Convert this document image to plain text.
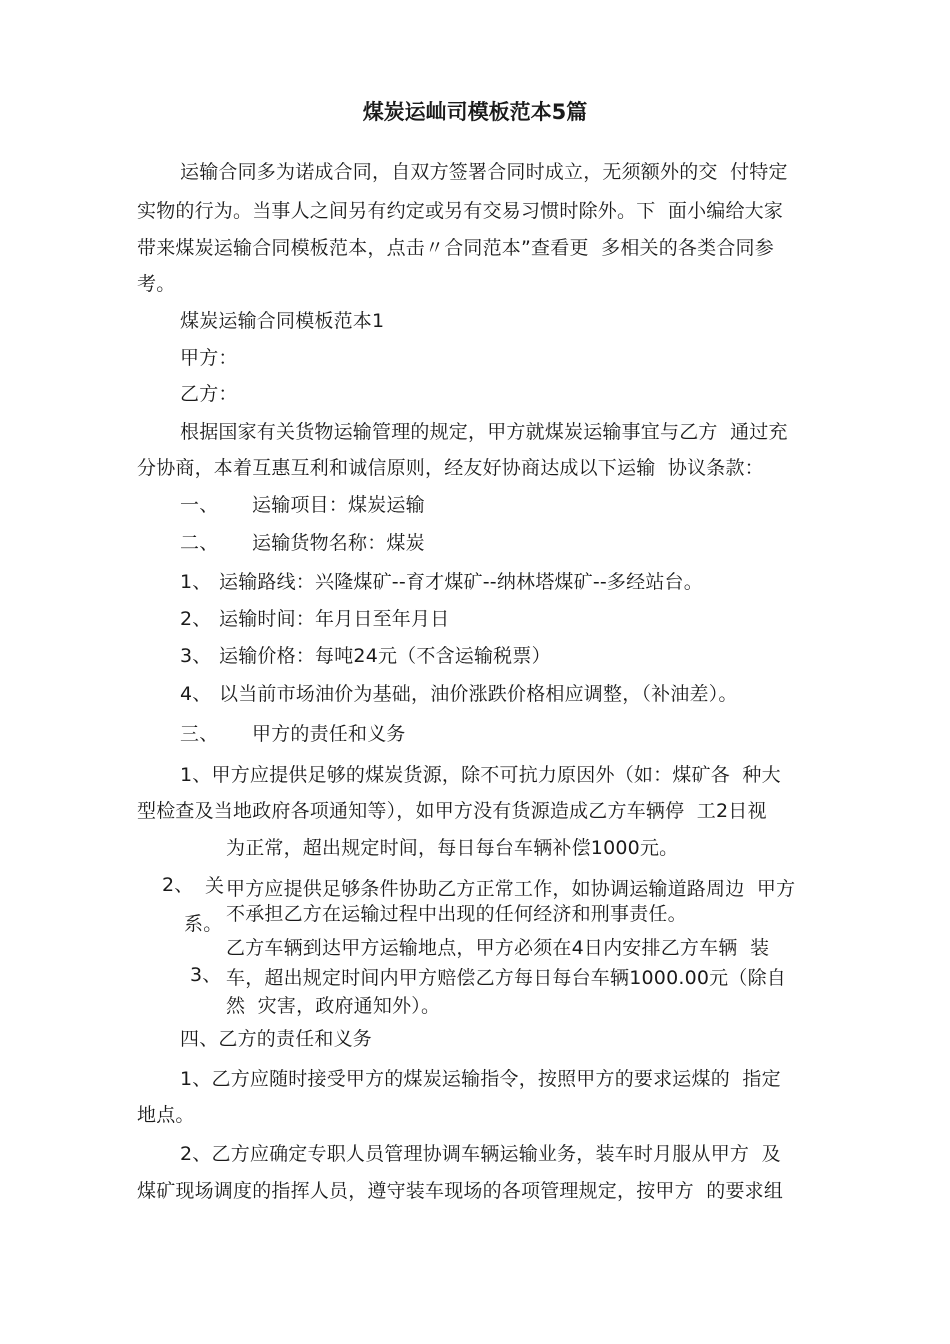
煤炭运屾司模板范本5篇
运输合同多为诺成合同，自双方签署合同时成立，无须额外的交  付特定
实物的行为。当事人之间另有约定或另有交易习惯时除外。下  面小编给大家
带来煤炭运输合同模板范本，点击〃合同范本”查看更  多相关的各类合同参
考。
煤炭运输合同模板范本1
甲方：
乙方：
根据国家有关货物运输管理的规定，甲方就煤炭运输事宜与乙方  通过充
分协商，本着互惠互利和诚信原则，经友好协商达成以下运输  协议条款：
一、 运输项目：煤炭运输
二、 运输货物名称：煤炭
1、 运输路线：兴隆煤矿--育才煤矿--纳林塔煤矿--多经站台。
2、 运输时间：年月日至年月日
3、 运输价格：每吨24元（不含运输税票）
4、 以当前市场油价为基础，油价涨跌价格相应调整，（补油差）。
三、 甲方的责任和义务
1、甲方应提供足够的煤炭货源，除不可抗力原因外（如：煤矿各  种大
型检查及当地政府各项通知等），如甲方没有货源造成乙方车辆停  工2日视
为正常，超出规定时间，每日每台车辆补偿1000元。
2、 关 甲方应提供足够条件协助乙方正常工作，如协调运输道路周边  甲方
不承担乙方在运输过程中出现的任何经济和刑事责任。
系。
乙方车辆到达甲方运输地点，甲方必须在4日内安排乙方车辆  装
3、 车，超出规定时间内甲方赔偿乙方每日每台车辆1000.00元（除自
然  灾害，政府通知外）。
四、乙方的责任和义务
1、乙方应随时接受甲方的煤炭运输指令，按照甲方的要求运煤的  指定
地点。
2、乙方应确定专职人员管理协调车辆运输业务，装车时月服从甲方  及
煤矿现场调度的指挥人员，遵守装车现场的各项管理规定，按甲方  的要求组
